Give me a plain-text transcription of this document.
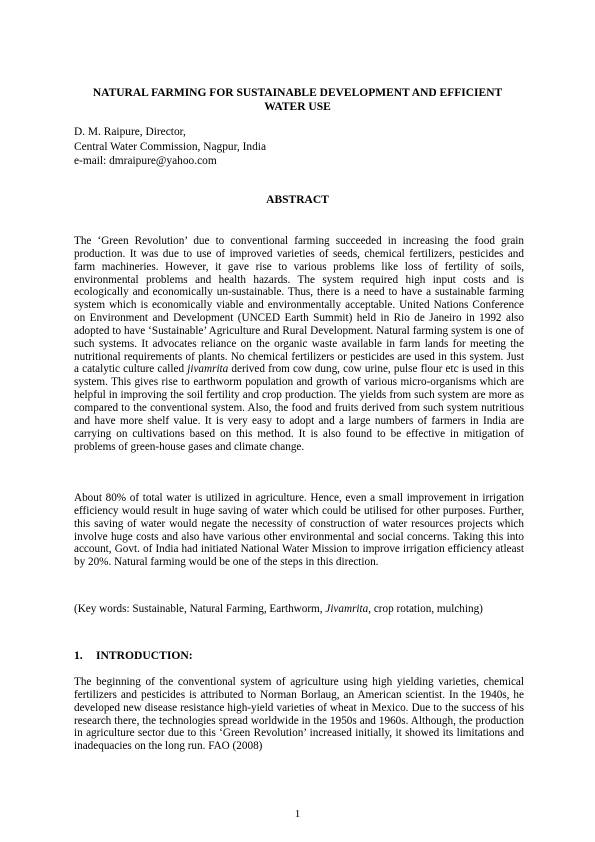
NATURAL FARMING FOR SUSTAINABLE DEVELOPMENT AND EFFICIENT WATER USE
D. M. Raipure, Director,
Central Water Commission, Nagpur, India
e-mail: dmraipure@yahoo.com
ABSTRACT

The ‘Green Revolution’ due to conventional farming succeeded in increasing the food grain production. It was due to use of improved varieties of seeds, chemical fertilizers, pesticides and farm machineries. However, it gave rise to various problems like loss of fertility of soils, environmental problems and health hazards. The system required high input costs and is ecologically and economically un-sustainable. Thus, there is a need to have a sustainable farming system which is economically viable and environmentally acceptable. United Nations Conference on Environment and Development (UNCED Earth Summit) held in Rio de Janeiro in 1992 also adopted to have ‘Sustainable’ Agriculture and Rural Development. Natural farming system is one of such systems. It advocates reliance on the organic waste available in farm lands for meeting the nutritional requirements of plants. No chemical fertilizers or pesticides are used in this system. Just a catalytic culture called jivamrita derived from cow dung, cow urine, pulse flour etc is used in this system. This gives rise to earthworm population and growth of various micro-organisms which are helpful in improving the soil fertility and crop production. The yields from such system are more as compared to the conventional system. Also, the food and fruits derived from such system nutritious and have more shelf value. It is very easy to adopt and a large numbers of farmers in India are carrying on cultivations based on this method. It is also found to be effective in mitigation of problems of green-house gases and climate change.

About 80% of total water is utilized in agriculture. Hence, even a small improvement in irrigation efficiency would result in huge saving of water which could be utilised for other purposes. Further, this saving of water would negate the necessity of construction of water resources projects which involve huge costs and also have various other environmental and social concerns. Taking this into account, Govt. of India had initiated National Water Mission to improve irrigation efficiency atleast by 20%. Natural farming would be one of the steps in this direction.

(Key words: Sustainable, Natural Farming, Earthworm, Jivamrita, crop rotation, mulching)

1. INTRODUCTION:

The beginning of the conventional system of agriculture using high yielding varieties, chemical fertilizers and pesticides is attributed to Norman Borlaug, an American scientist. In the 1940s, he developed new disease resistance high-yield varieties of wheat in Mexico. Due to the success of his research there, the technologies spread worldwide in the 1950s and 1960s. Although, the production in agriculture sector due to this ‘Green Revolution’ increased initially, it showed its limitations and inadequacies on the long run. FAO (2008)

1
